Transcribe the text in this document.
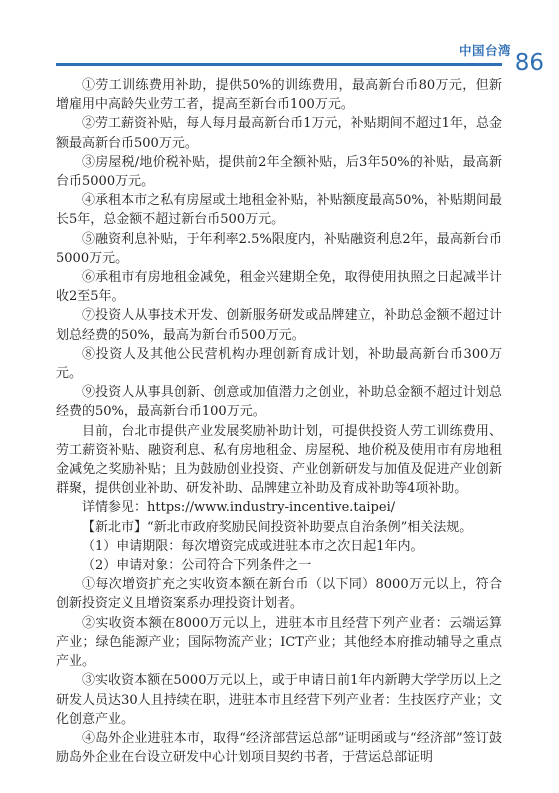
中国台湾 86

①劳工训练费用补助，提供50%的训练费用，最高新台币80万元，但新增雇用中高龄失业劳工者，提高至新台币100万元。

②劳工薪资补贴，每人每月最高新台币1万元，补贴期间不超过1年，总金额最高新台币500万元。

③房屋税/地价税补贴，提供前2年全额补贴，后3年50%的补贴，最高新台币5000万元。

④承租本市之私有房屋或土地租金补贴，补贴额度最高50%，补贴期间最长5年，总金额不超过新台币500万元。

⑤融资利息补贴，于年利率2.5%限度内，补贴融资利息2年，最高新台币5000万元。

⑥承租市有房地租金减免，租金兴建期全免，取得使用执照之日起减半计收2至5年。

⑦投资人从事技术开发、创新服务研发或品牌建立，补助总金额不超过计划总经费的50%，最高为新台币500万元。

⑧投资人及其他公民营机构办理创新育成计划，补助最高新台币300万元。

⑨投资人从事具创新、创意或加值潜力之创业，补助总金额不超过计划总经费的50%，最高新台币100万元。

目前，台北市提供产业发展奖励补助计划，可提供投资人劳工训练费用、劳工薪资补贴、融资利息、私有房地租金、房屋税、地价税及使用市有房地租金减免之奖励补贴；且为鼓励创业投资、产业创新研发与加值及促进产业创新群聚，提供创业补助、研发补助、品牌建立补助及育成补助等4项补助。

详情参见：https://www.industry-incentive.taipei/

【新北市】“新北市政府奖励民间投资补助要点自治条例”相关法规。

（1）申请期限：每次增资完成或进驻本市之次日起1年内。

（2）申请对象：公司符合下列条件之一

①每次增资扩充之实收资本额在新台币（以下同）8000万元以上，符合创新投资定义且增资案系办理投资计划者。

②实收资本额在8000万元以上，进驻本市且经营下列产业者：云端运算产业；绿色能源产业；国际物流产业；ICT产业；其他经本府推动辅导之重点产业。

③实收资本额在5000万元以上，或于申请日前1年内新聘大学学历以上之研发人员达30人且持续在职，进驻本市且经营下列产业者：生技医疗产业；文化创意产业。

④岛外企业进驻本市，取得“经济部营运总部”证明函或与“经济部”签订鼓励岛外企业在台设立研发中心计划项目契约书者，于营运总部证明
